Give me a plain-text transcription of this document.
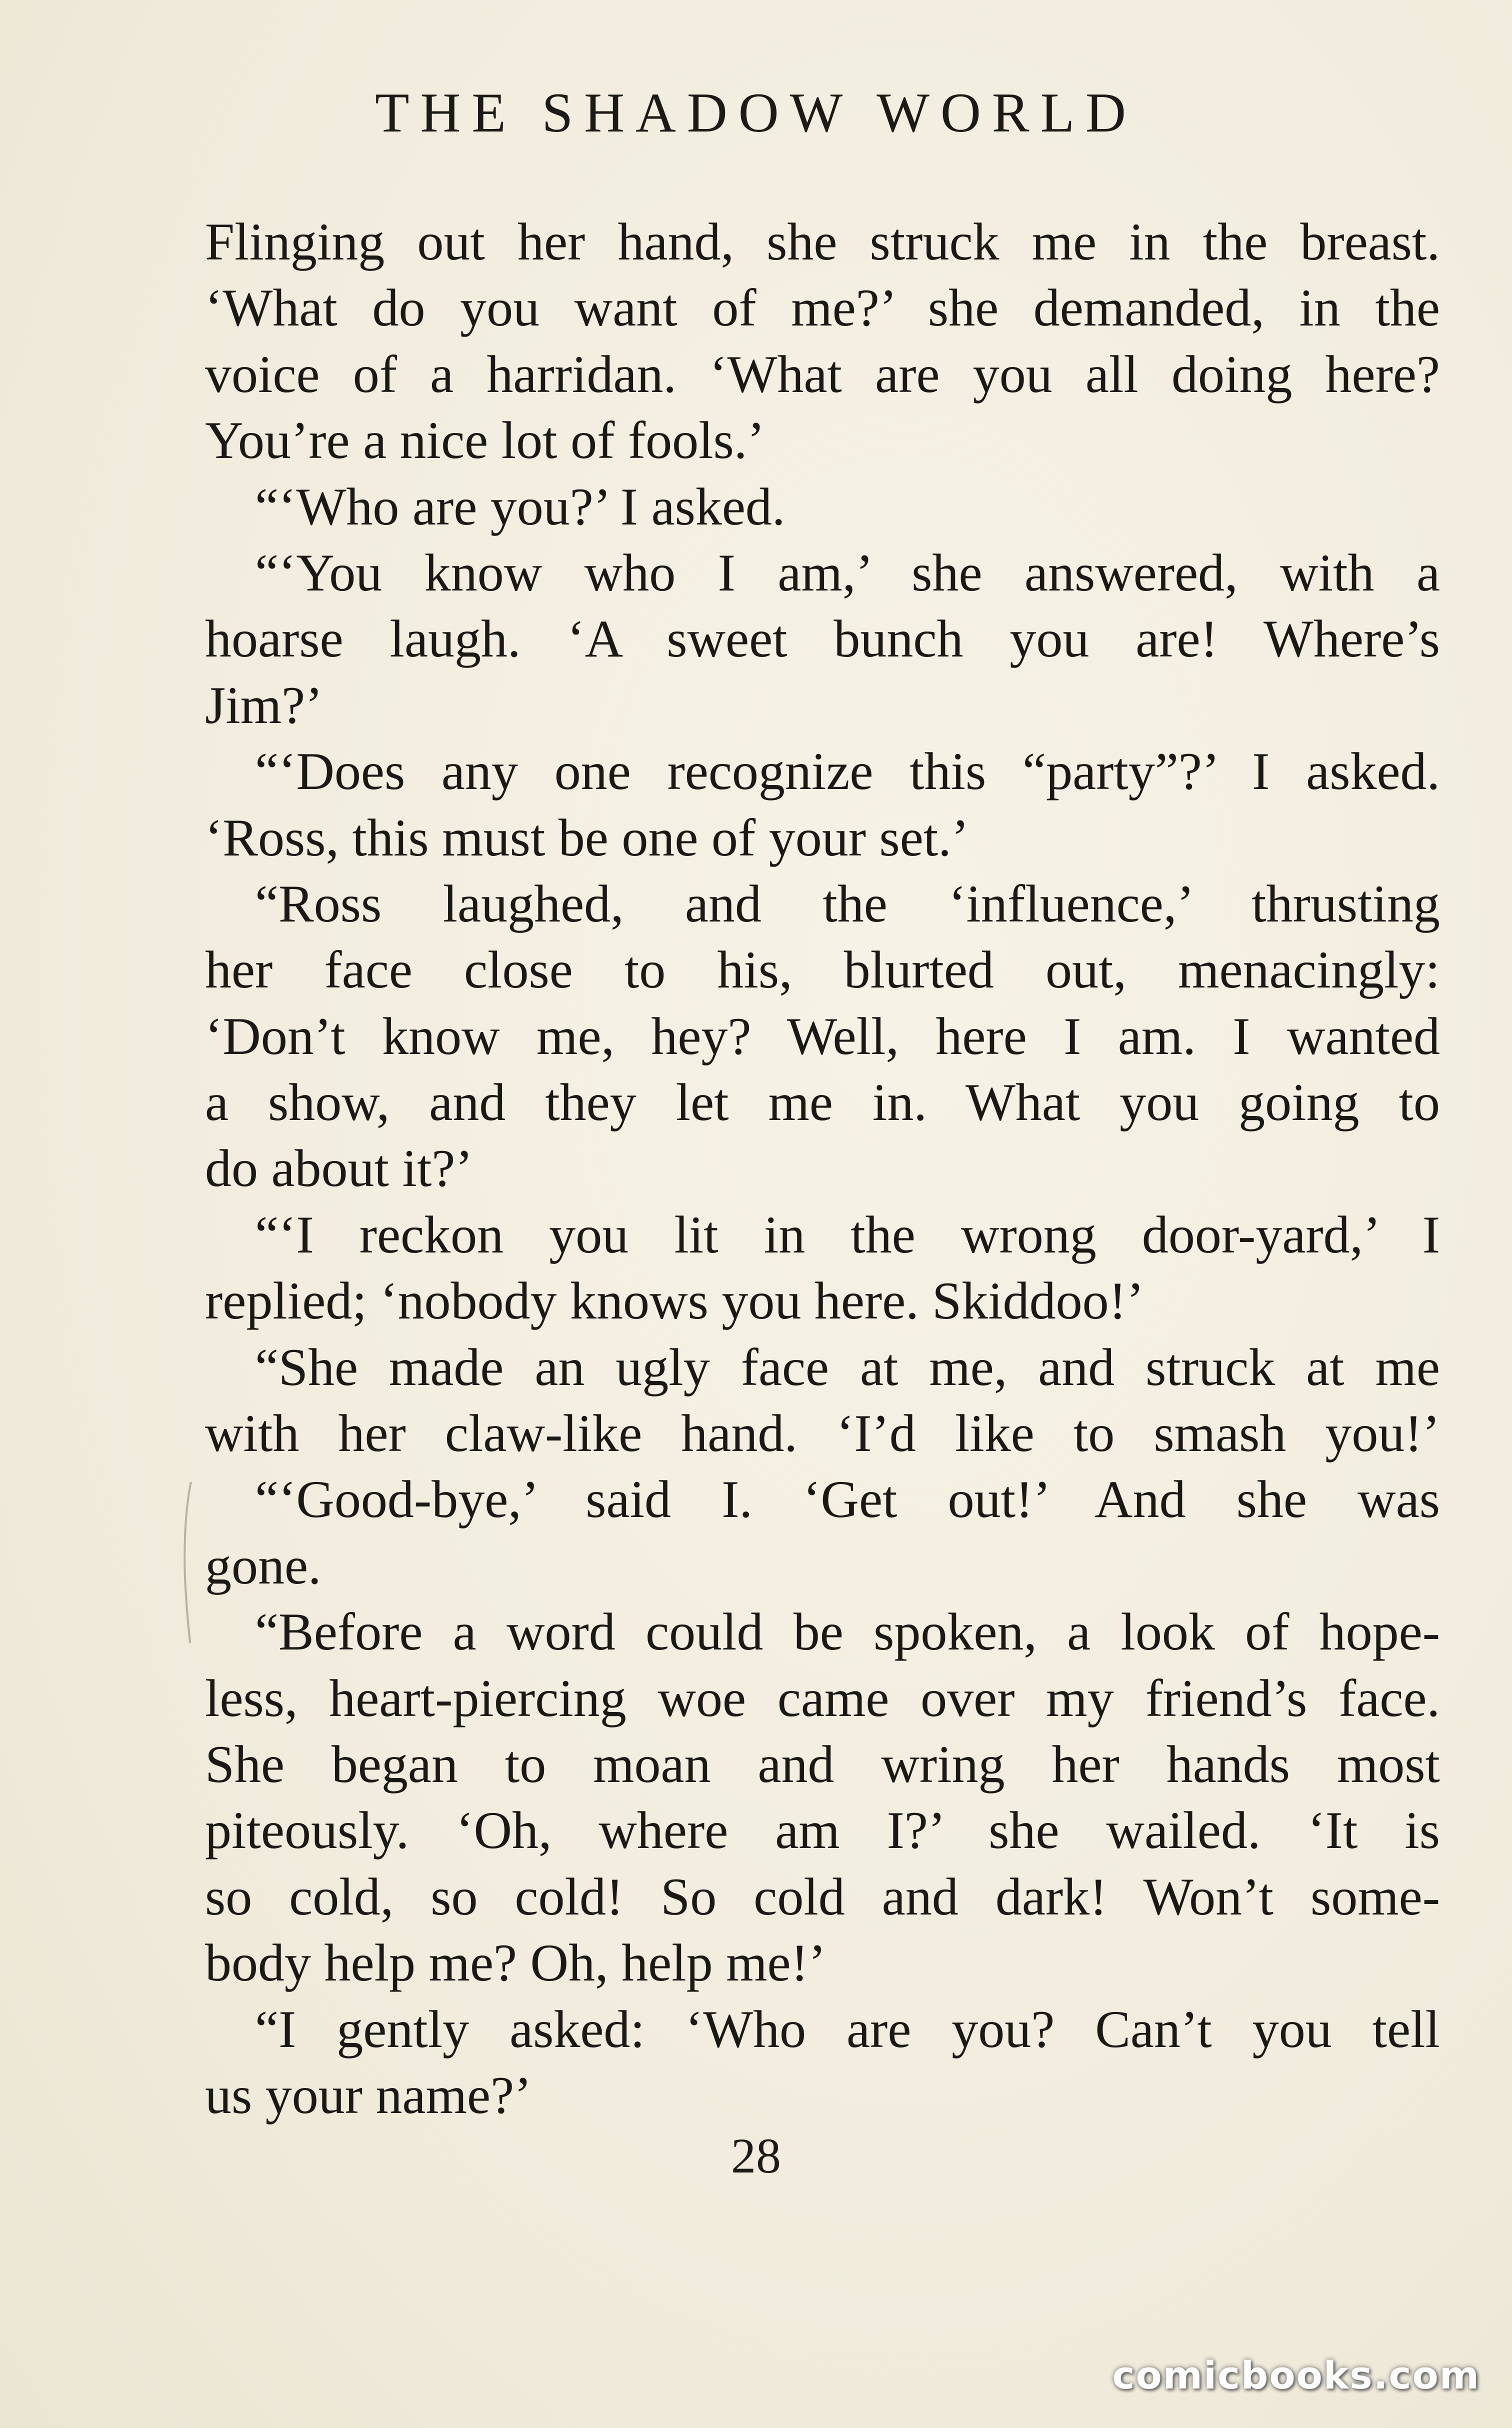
THE SHADOW WORLD
Flinging out her hand, she struck me in the breast.
‘What do you want of me?’ she demanded, in the
voice of a harridan. ‘What are you all doing here?
You’re a nice lot of fools.’
“‘Who are you?’ I asked.
“‘You know who I am,’ she answered, with a
hoarse laugh. ‘A sweet bunch you are! Where’s
Jim?’
“‘Does any one recognize this “party”?’ I asked.
‘Ross, this must be one of your set.’
“Ross laughed, and the ‘influence,’ thrusting
her face close to his, blurted out, menacingly:
‘Don’t know me, hey? Well, here I am. I wanted
a show, and they let me in. What you going to
do about it?’
“‘I reckon you lit in the wrong door-yard,’ I
replied; ‘nobody knows you here. Skiddoo!’
“She made an ugly face at me, and struck at me
with her claw-like hand. ‘I’d like to smash you!’
“‘Good-bye,’ said I. ‘Get out!’ And she was
gone.
“Before a word could be spoken, a look of hope-
less, heart-piercing woe came over my friend’s face.
She began to moan and wring her hands most
piteously. ‘Oh, where am I?’ she wailed. ‘It is
so cold, so cold! So cold and dark! Won’t some-
body help me? Oh, help me!’
“I gently asked: ‘Who are you? Can’t you tell
us your name?’
28
comicbooks.com
